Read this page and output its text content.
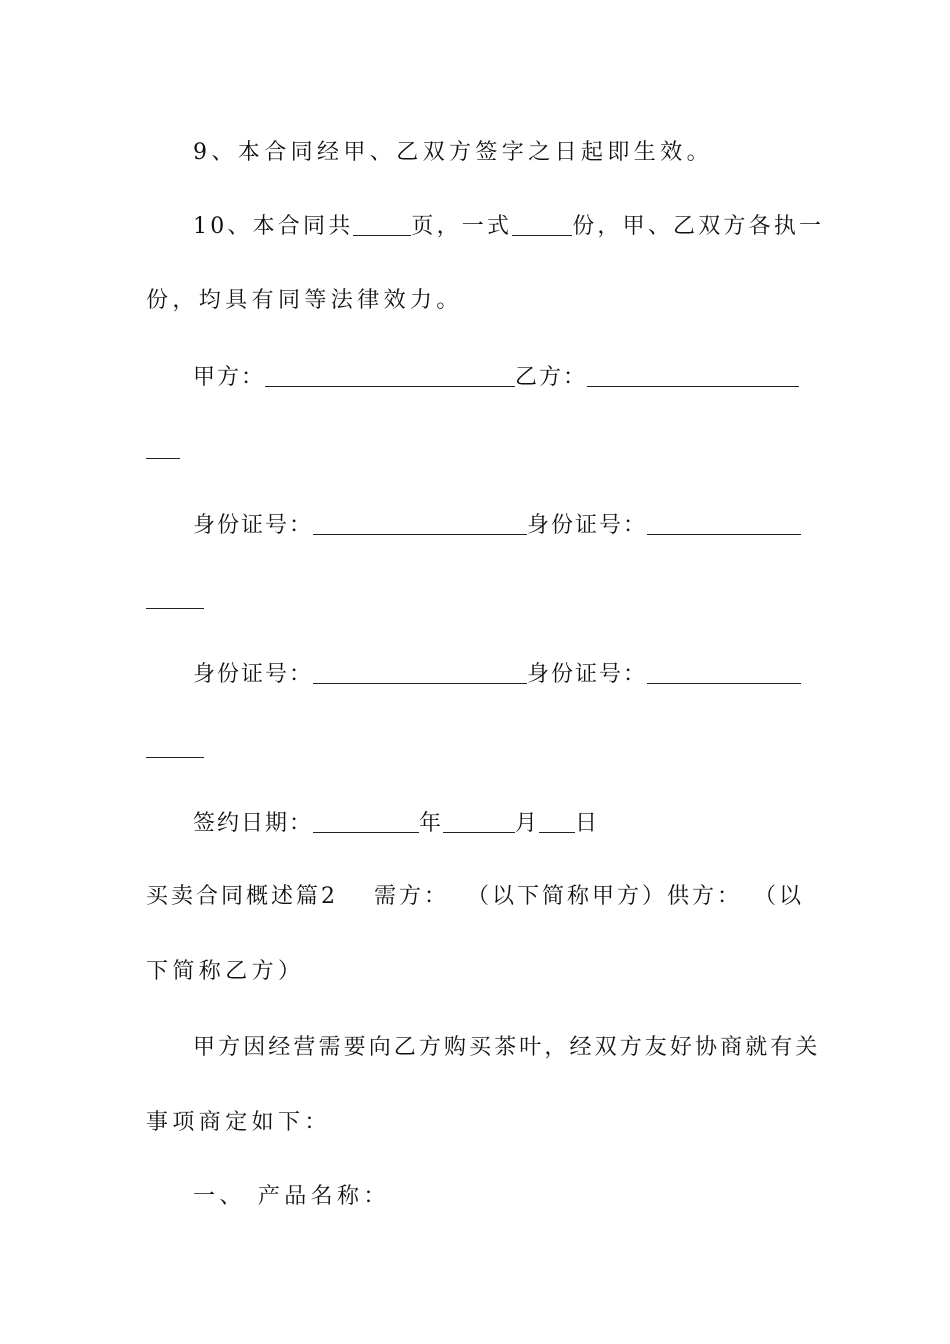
9、本合同经甲、乙双方签字之日起即生效。
10、本合同共	页，一式	份，甲、乙双方各执一
份，均具有同等法律效力。
甲方：	乙方：
身份证号：	身份证号：
身份证号：	身份证号：
签约日期：	年	月 日
买卖合同概述篇2 需方： （以下简称甲方）供方： （以
下简称乙方）
甲方因经营需要向乙方购买茶叶，经双方友好协商就有关
事项商定如下：
一、 产品名称：
